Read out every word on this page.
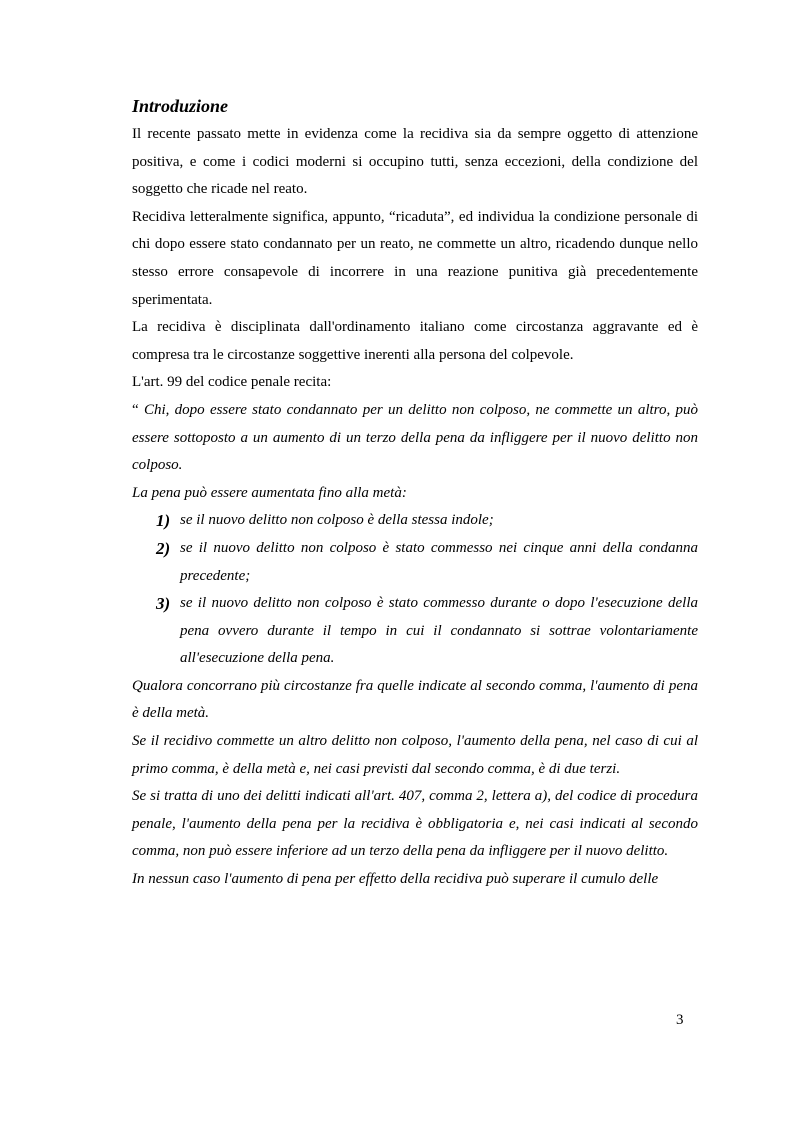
Introduzione

Il recente passato mette in evidenza come la recidiva sia da sempre oggetto di attenzione positiva, e come i codici moderni si occupino tutti, senza eccezioni, della condizione del soggetto che ricade nel reato.

Recidiva letteralmente significa, appunto, “ricaduta”, ed individua la condizione personale di chi dopo essere stato condannato per un reato, ne commette un altro, ricadendo dunque nello stesso errore consapevole di incorrere in una reazione punitiva già precedentemente sperimentata.

La recidiva è disciplinata dall'ordinamento italiano come circostanza aggravante ed è compresa tra le circostanze soggettive inerenti alla persona del colpevole.

L'art. 99 del codice penale recita:

“ Chi, dopo essere stato condannato per un delitto non colposo, ne commette un altro, può essere sottoposto a un aumento di un terzo della pena da infliggere per il nuovo delitto non colposo.

La pena può essere aumentata fino alla metà:

1) se il nuovo delitto non colposo è della stessa indole;
2) se il nuovo delitto non colposo è stato commesso nei cinque anni della condanna precedente;
3) se il nuovo delitto non colposo è stato commesso durante o dopo l'esecuzione della pena ovvero durante il tempo in cui il condannato si sottrae volontariamente all'esecuzione della pena.

Qualora concorrano più circostanze fra quelle indicate al secondo comma, l'aumento di pena è della metà.

Se il recidivo commette un altro delitto non colposo, l'aumento della pena, nel caso di cui al primo comma, è della metà e, nei casi previsti dal secondo comma, è di due terzi.

Se si tratta di uno dei delitti indicati all'art. 407, comma 2, lettera a), del codice di procedura penale, l'aumento della pena per la recidiva è obbligatoria e, nei casi indicati al secondo comma, non può essere inferiore ad un terzo della pena da infliggere per il nuovo delitto.

In nessun caso l'aumento di pena per effetto della recidiva può superare il cumulo delle

3
